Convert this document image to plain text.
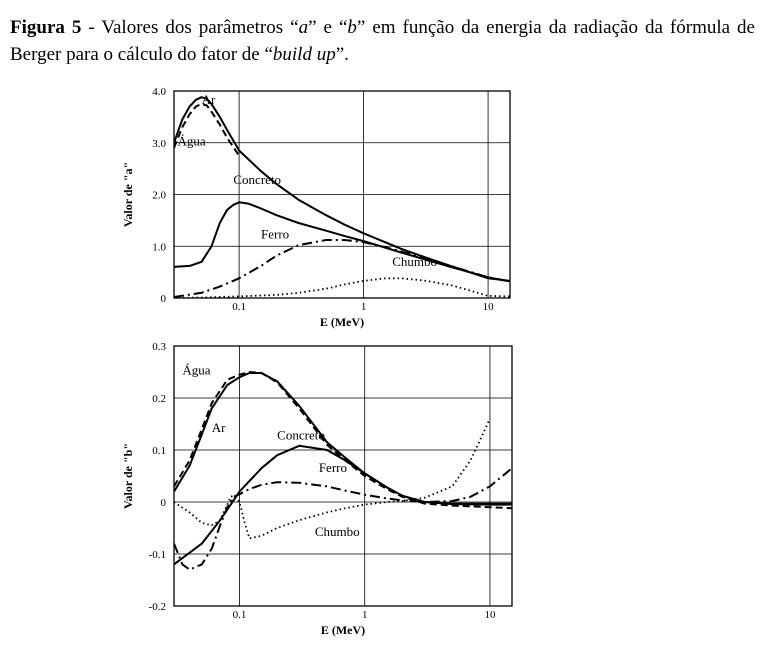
Figura 5 - Valores dos parâmetros “a” e “b” em função da energia da radiação da fórmula de Berger para o cálculo do fator de “build up”.
0.1	1	10
0
1.0
2.0
3.0
4.0
E (MeV)
Valor de "a"
Ar
Água
Concreto
Ferro
Chumbo
0.1	1	10
-0.2
-0.1
0
0.1
0.2
0.3
E (MeV)
Valor de "b"
Água
Ar
Concreto
Ferro
Chumbo
